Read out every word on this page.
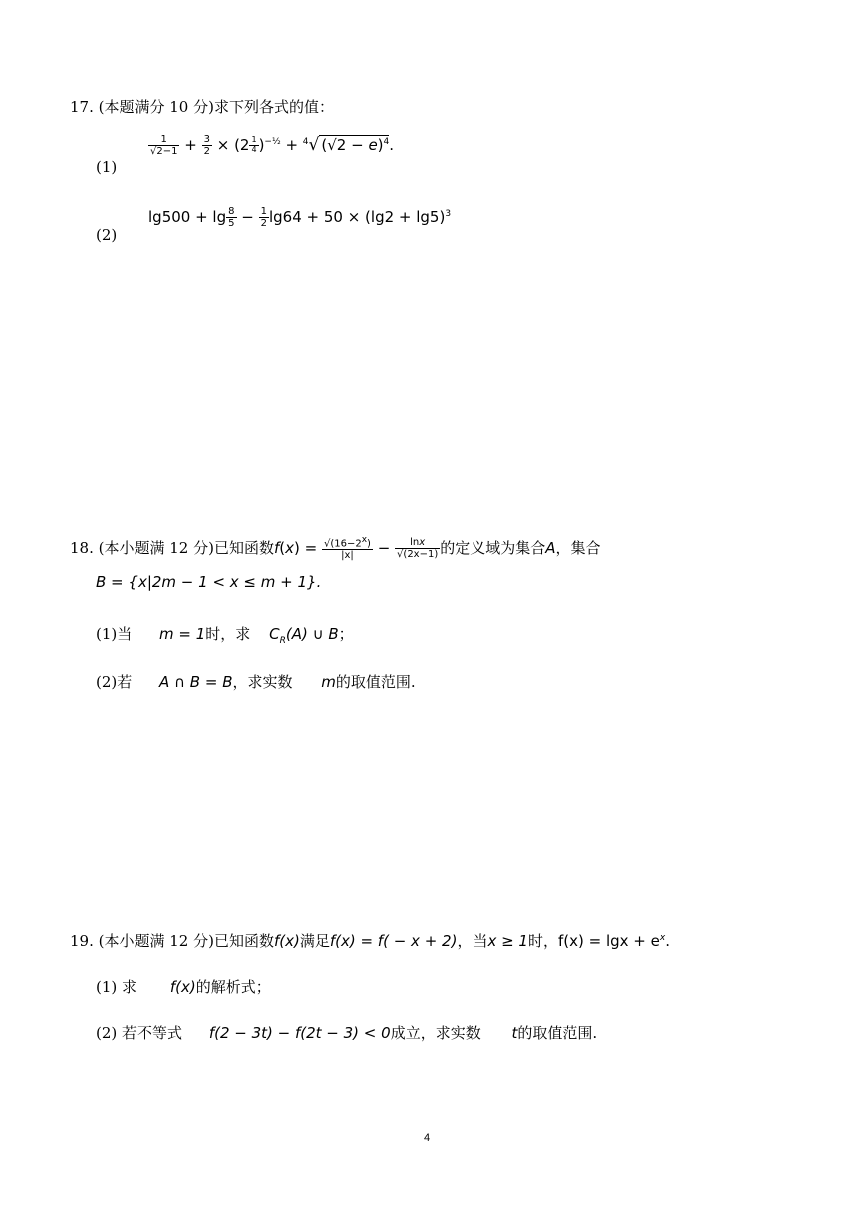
17. (本题满分 10 分)求下列各式的值：
(1)
$\frac{1}{√2-1} + \frac{3}{2} \times (2 \frac{1}{4} )^{-\frac{1}{2}} + ^4√$ $(√2 - e)^4$.
(2)
$\lg 500 + \lg \frac{8}{5} - \frac{1}{2} \lg 64 + 50 \times (\lg 2 + \lg 5)^3$
18. (本小题满 12 分)已知函数$f(x) = \frac{√(16-2^x)}{|x|} - \frac{\ln x}{√(2x-1)}$ 的定义域为集合A，集合
B = {x|2m − 1 < x ≤ m + 1}.
(1)当 m = 1时，求 $C_R(A)$ ∪ B；
(2)若 A ∩ B = B，求实数 m的取值范围.
19. (本小题满 12 分)已知函数f(x)满足f(x) = f( − x + 2)，当x ≥ 1时，$f(x) = \lg x + e^x$.
(1) 求 f(x)的解析式；
(2) 若不等式 f(2 − 3t) − f(2t − 3) < 0成立，求实数 t的取值范围.
4
